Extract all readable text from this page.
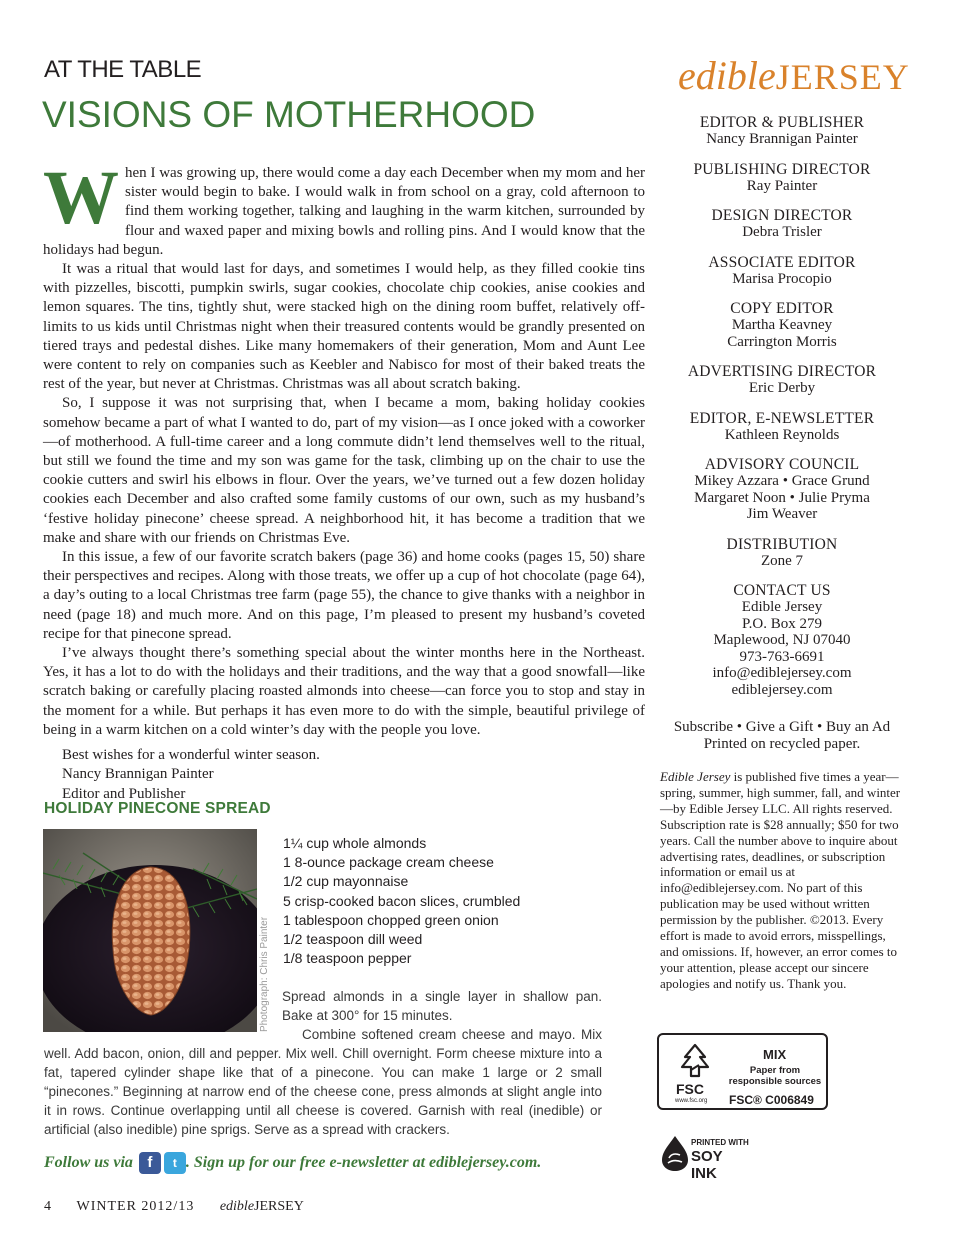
AT THE TABLE
VISIONS OF MOTHERHOOD

When I was growing up, there would come a day each December when my mom and her sister would begin to bake. I would walk in from school on a gray, cold afternoon to find them working together, talking and laughing in the warm kitchen, surrounded by flour and waxed paper and mixing bowls and rolling pins. And I would know that the holidays had begun.

It was a ritual that would last for days, and sometimes I would help, as they filled cookie tins with pizzelles, biscotti, pumpkin swirls, sugar cookies, chocolate chip cookies, anise cookies and lemon squares. The tins, tightly shut, were stacked high on the dining room buffet, relatively off-limits to us kids until Christmas night when their treasured contents would be grandly presented on tiered trays and pedestal dishes. Like many homemakers of their generation, Mom and Aunt Lee were content to rely on companies such as Keebler and Nabisco for most of their baked treats the rest of the year, but never at Christmas. Christmas was all about scratch baking.

So, I suppose it was not surprising that, when I became a mom, baking holiday cookies somehow became a part of what I wanted to do, part of my vision—as I once joked with a coworker—of motherhood. A full-time career and a long commute didn’t lend themselves well to the ritual, but still we found the time and my son was game for the task, climbing up on the chair to use the cookie cutters and swirl his elbows in flour. Over the years, we’ve turned out a few dozen holiday cookies each December and also crafted some family customs of our own, such as my husband’s ‘festive holiday pinecone’ cheese spread. A neighborhood hit, it has become a tradition that we make and share with our friends on Christmas Eve.

In this issue, a few of our favorite scratch bakers (page 36) and home cooks (pages 15, 50) share their perspectives and recipes. Along with those treats, we offer up a cup of hot chocolate (page 64), a day’s outing to a local Christmas tree farm (page 55), the chance to give thanks with a neighbor in need (page 18) and much more. And on this page, I’m pleased to present my husband’s coveted recipe for that pinecone spread.

I’ve always thought there’s something special about the winter months here in the Northeast. Yes, it has a lot to do with the holidays and their traditions, and the way that a good snowfall—like scratch baking or carefully placing roasted almonds into cheese—can force you to stop and stay in the moment for a while. But perhaps it has even more to do with the simple, beautiful privilege of being in a warm kitchen on a cold winter’s day with the people you love.

Best wishes for a wonderful winter season.
Nancy Brannigan Painter
Editor and Publisher

HOLIDAY PINECONE SPREAD
Photograph: Chris Painter
1¼ cup whole almonds
1 8-ounce package cream cheese
1/2 cup mayonnaise
5 crisp-cooked bacon slices, crumbled
1 tablespoon chopped green onion
1/2 teaspoon dill weed
1/8 teaspoon pepper

Spread almonds in a single layer in shallow pan. Bake at 300° for 15 minutes.

Combine softened cream cheese and mayo. Mix well. Add bacon, onion, dill and pepper. Mix well. Chill overnight. Form cheese mixture into a fat, tapered cylinder shape like that of a pinecone. You can make 1 large or 2 small “pinecones.” Beginning at narrow end of the cheese cone, press almonds at slight angle into it in rows. Continue overlapping until all cheese is covered. Garnish with real (inedible) or artificial (also inedible) pine sprigs. Serve as a spread with crackers.

Follow us via f	t . Sign up for our free e-newsletter at ediblejersey.com.
4 WINTER 2012/13 edibleJERSEY
edibleJERSEY
EDITOR & PUBLISHER
Nancy Brannigan Painter
PUBLISHING DIRECTOR
Ray Painter
DESIGN DIRECTOR
Debra Trisler
ASSOCIATE EDITOR
Marisa Procopio
COPY EDITOR
Martha Keavney
Carrington Morris
ADVERTISING DIRECTOR
Eric Derby
EDITOR, E-NEWSLETTER
Kathleen Reynolds
ADVISORY COUNCIL
Mikey Azzara • Grace Grund
Margaret Noon • Julie Pryma
Jim Weaver
DISTRIBUTION
Zone 7
CONTACT US
Edible Jersey
P.O. Box 279
Maplewood, NJ 07040
973-763-6691
info@ediblejersey.com
ediblejersey.com
Subscribe • Give a Gift • Buy an Ad
Printed on recycled paper.

Edible Jersey is published five times a year—spring, summer, high summer, fall, and winter—by Edible Jersey LLC. All rights reserved. Subscription rate is $28 annually; $50 for two years. Call the number above to inquire about advertising rates, deadlines, or subscription information or email us at info@ediblejersey.com. No part of this publication may be used without written permission by the publisher. ©2013. Every effort is made to avoid errors, misspellings, and omissions. If, however, an error comes to your attention, please accept our sincere apologies and notify us. Thank you.

FSC
www.fsc.org
MIX
Paper from responsible sources
FSC® C006849
PRINTED WITH
SOY INK
